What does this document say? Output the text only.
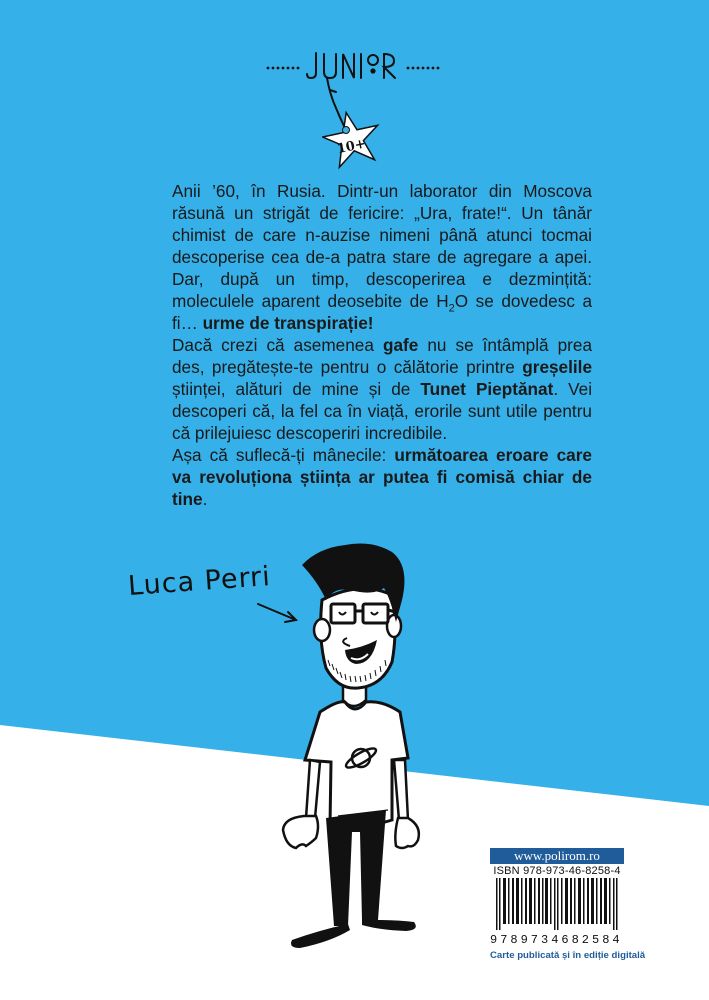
10+

Anii ’60, în Rusia. Dintr-un laborator din Moscova răsună un strigăt de fericire: „Ura, frate!“. Un tânăr chimist de care n-auzise nimeni până atunci tocmai descoperise cea de-a patra stare de agregare a apei. Dar, după un timp, descoperirea e dezmințită: moleculele aparent deosebite de $H_2O$ se dovedesc a fi… urme de transpirație!

Dacă crezi că asemenea gafe nu se întâmplă prea des, pregătește-te pentru o călătorie printre greșelile științei, alături de mine și de Tunet Pieptănat. Vei descoperi că, la fel ca în viață, erorile sunt utile pentru că prilejuiesc descoperiri incredibile.

Așa că suflecă-ți mânecile: următoarea eroare care va revoluționa știința ar putea fi comisă chiar de tine.

Luca Perri
www.polirom.ro
ISBN 978-973-46-8258-4
9789734682584
Carte publicată și în ediție digitală
